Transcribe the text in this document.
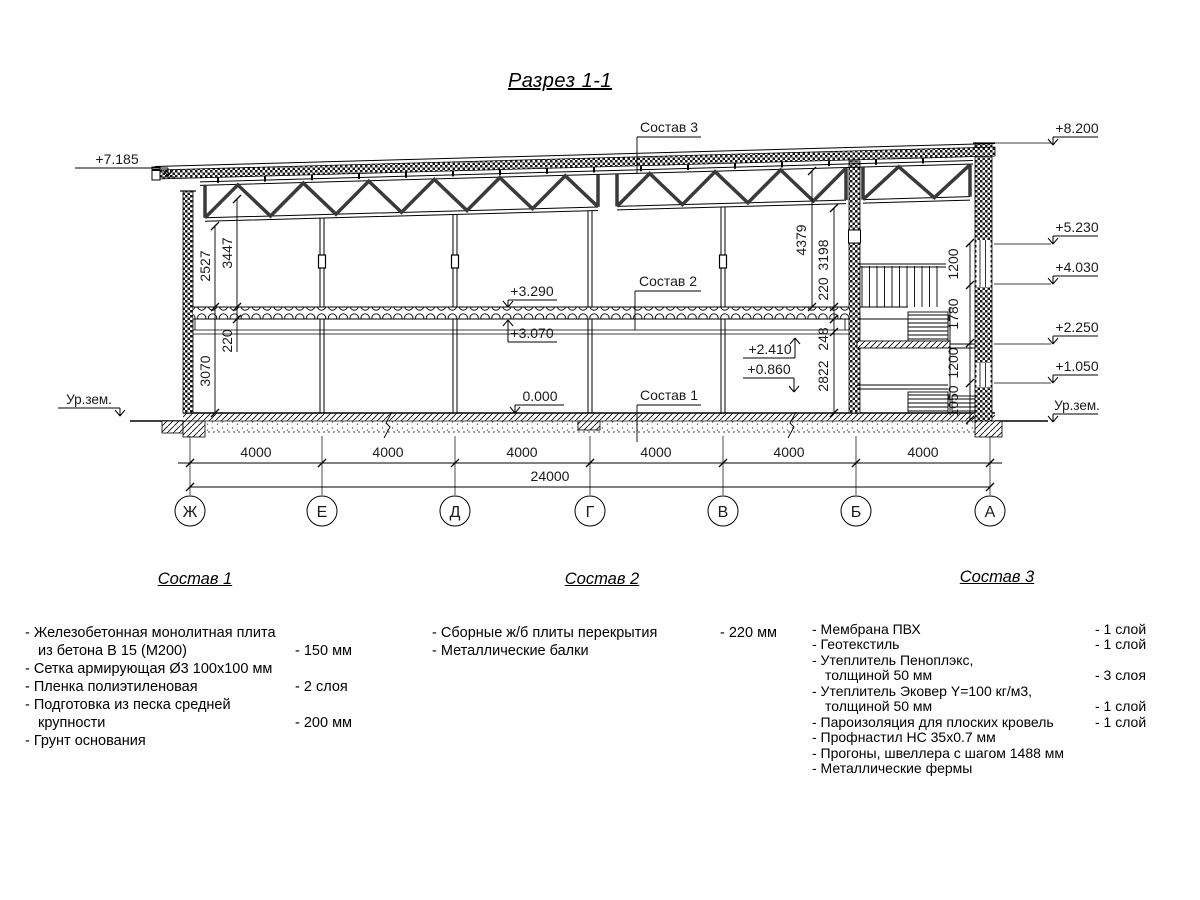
Разрез 1-1
2527 3447
220
3070
4379 3198
220
248
2822
1200
1780
1200
1050
+7.185
Ур.зем.
+8.200
+5.230
+4.030
+2.250
+1.050
Ур.зем.
+3.290
+3.070
0.000
+2.410
+0.860
Состав 3
Состав 2
Состав 1
4000	4000	4000	4000	4000	4000
24000
Ж	Е	Д	Г	В	Б	А
Состав 1
- Железобетонная монолитная плита
из бетона В 15 (М200)	- 150 мм
- Сетка армирующая Ø3 100х100 мм
- Пленка полиэтиленовая	- 2 слоя
- Подготовка из песка средней
крупности	- 200 мм
- Грунт основания
Состав 2
- Сборные ж/б плиты перекрытия	- 220 мм
- Металлические балки
Состав 3
- Мембрана ПВХ	- 1 слой
- Геотекстиль	- 1 слой
- Утеплитель Пеноплэкс,
толщиной 50 мм	- 3 слоя
- Утеплитель Эковер Y=100 кг/м3,
толщиной 50 мм	- 1 слой
- Пароизоляция для плоских кровель	- 1 слой
- Профнастил НС 35х0.7 мм
- Прогоны, швеллера с шагом 1488 мм
- Металлические фермы
